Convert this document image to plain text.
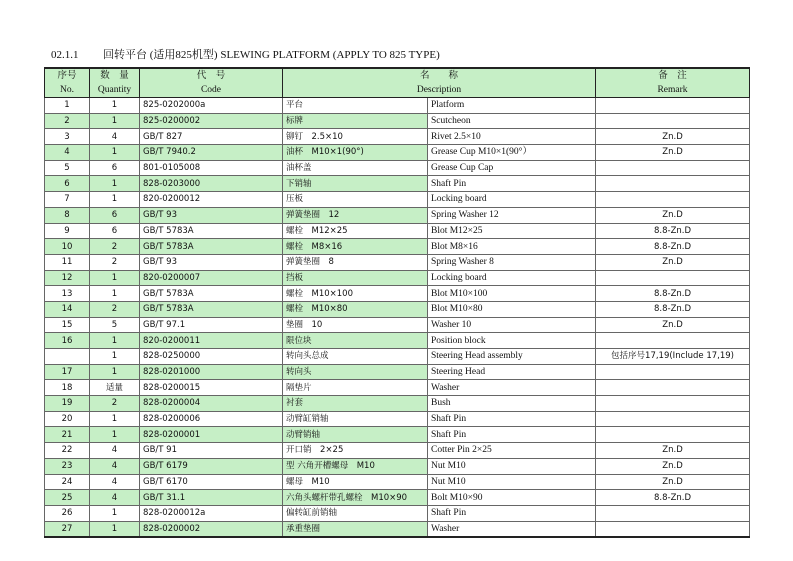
02.1.1 回转平台 (适用825机型) SLEWING PLATFORM (APPLY TO 825 TYPE)
序号	数　量	代　号	名　　称		备　注
No.	Quantity	Code	Description		Remark
1	1	825-0202000a	平台	Platform	
2	1	825-0200002	标牌	Scutcheon	
3	4	GB/T 827	铆钉　2.5×10	Rivet 2.5×10	Zn.D
4	1	GB/T 7940.2	油杯　M10×1(90°)	Grease Cup M10×1(90°）	Zn.D
5	6	801-0105008	油杯盖	Grease Cup Cap	
6	1	828-0203000	下销轴	Shaft Pin	
7	1	820-0200012	压板	Locking board	
8	6	GB/T 93	弹簧垫圈　12	Spring Washer 12	Zn.D
9	6	GB/T 5783A	螺栓　M12×25	Blot M12×25	8.8-Zn.D
10	2	GB/T 5783A	螺栓　M8×16	Blot M8×16	8.8-Zn.D
11	2	GB/T 93	弹簧垫圈　8	Spring Washer 8	Zn.D
12	1	820-0200007	挡板	Locking board	
13	1	GB/T 5783A	螺栓　M10×100	Blot M10×100	8.8-Zn.D
14	2	GB/T 5783A	螺栓　M10×80	Blot M10×80	8.8-Zn.D
15	5	GB/T 97.1	垫圈　10	Washer 10	Zn.D
16	1	820-0200011	限位块	Position block	
	1	828-0250000	转向头总成	Steering Head assembly	包括序号17,19(Include 17,19)
17	1	828-0201000	转向头	Steering Head	
18	适量	828-0200015	隔垫片	Washer	
19	2	828-0200004	衬套	Bush	
20	1	828-0200006	动臂缸销轴	Shaft Pin	
21	1	828-0200001	动臂销轴	Shaft Pin	
22	4	GB/T 91	开口销　2×25	Cotter Pin 2×25	Zn.D
23	4	GB/T 6179	型 六角开槽螺母　M10	Nut M10	Zn.D
24	4	GB/T 6170	螺母　M10	Nut M10	Zn.D
25	4	GB/T 31.1	六角头螺杆带孔螺栓　M10×90	Bolt M10×90	8.8-Zn.D
26	1	828-0200012a	偏转缸前销轴	Shaft Pin	
27	1	828-0200002	承重垫圈	Washer	
